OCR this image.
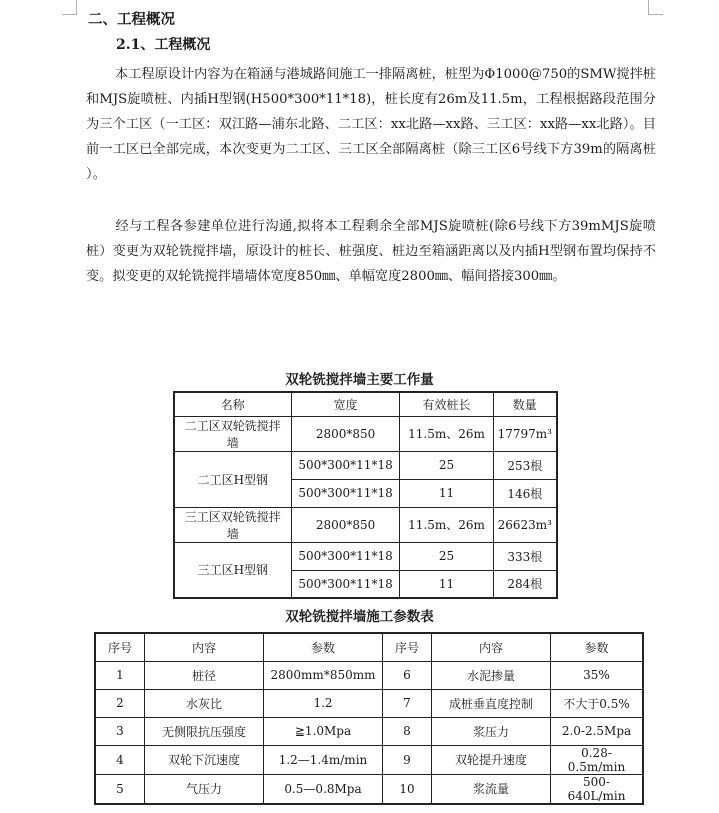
二、工程概况
2.1、工程概况
本工程原设计内容为在箱涵与港城路间施工一排隔离桩，桩型为Φ1000@750的SMW搅拌桩和MJS旋喷桩、内插H型钢(H500*300*11*18)，桩长度有26m及11.5m，工程根据路段范围分为三个工区（一工区：双江路—浦东北路、二工区：xx北路—xx路、三工区：xx路—xx北路）。目前一工区已全部完成，本次变更为二工区、三工区全部隔离桩（除三工区6号线下方39m的隔离桩 ）。
经与工程各参建单位进行沟通,拟将本工程剩余全部MJS旋喷桩(除6号线下方39mMJS旋喷桩）变更为双轮铣搅拌墙，原设计的桩长、桩强度、桩边至箱涵距离以及内插H型钢布置均保持不变。拟变更的双轮铣搅拌墙墙体宽度850㎜、单幅宽度2800㎜、幅间搭接300㎜。
双轮铣搅拌墙主要工作量
名称	宽度	有效桩长	数量
二工区双轮铣搅拌墙	2800*850	11.5m、26m	17797m³
二工区H型钢	500*300*11*18	25	253根
	500*300*11*18	11	146根
三工区双轮铣搅拌墙	2800*850	11.5m、26m	26623m³
三工区H型钢	500*300*11*18	25	333根
	500*300*11*18	11	284根
双轮铣搅拌墙施工参数表
序号	内容	参数	序号	内容	参数
1	桩径	2800mm*850mm	6	水泥掺量	35%
2	水灰比	1.2	7	成桩垂直度控制	不大于0.5%
3	无侧限抗压强度	≧1.0Mpa	8	浆压力	2.0-2.5Mpa
4	双轮下沉速度	1.2—1.4m/min	9	双轮提升速度	0.28-0.5m/min
5	气压力	0.5—0.8Mpa	10	浆流量	500-640L/min
